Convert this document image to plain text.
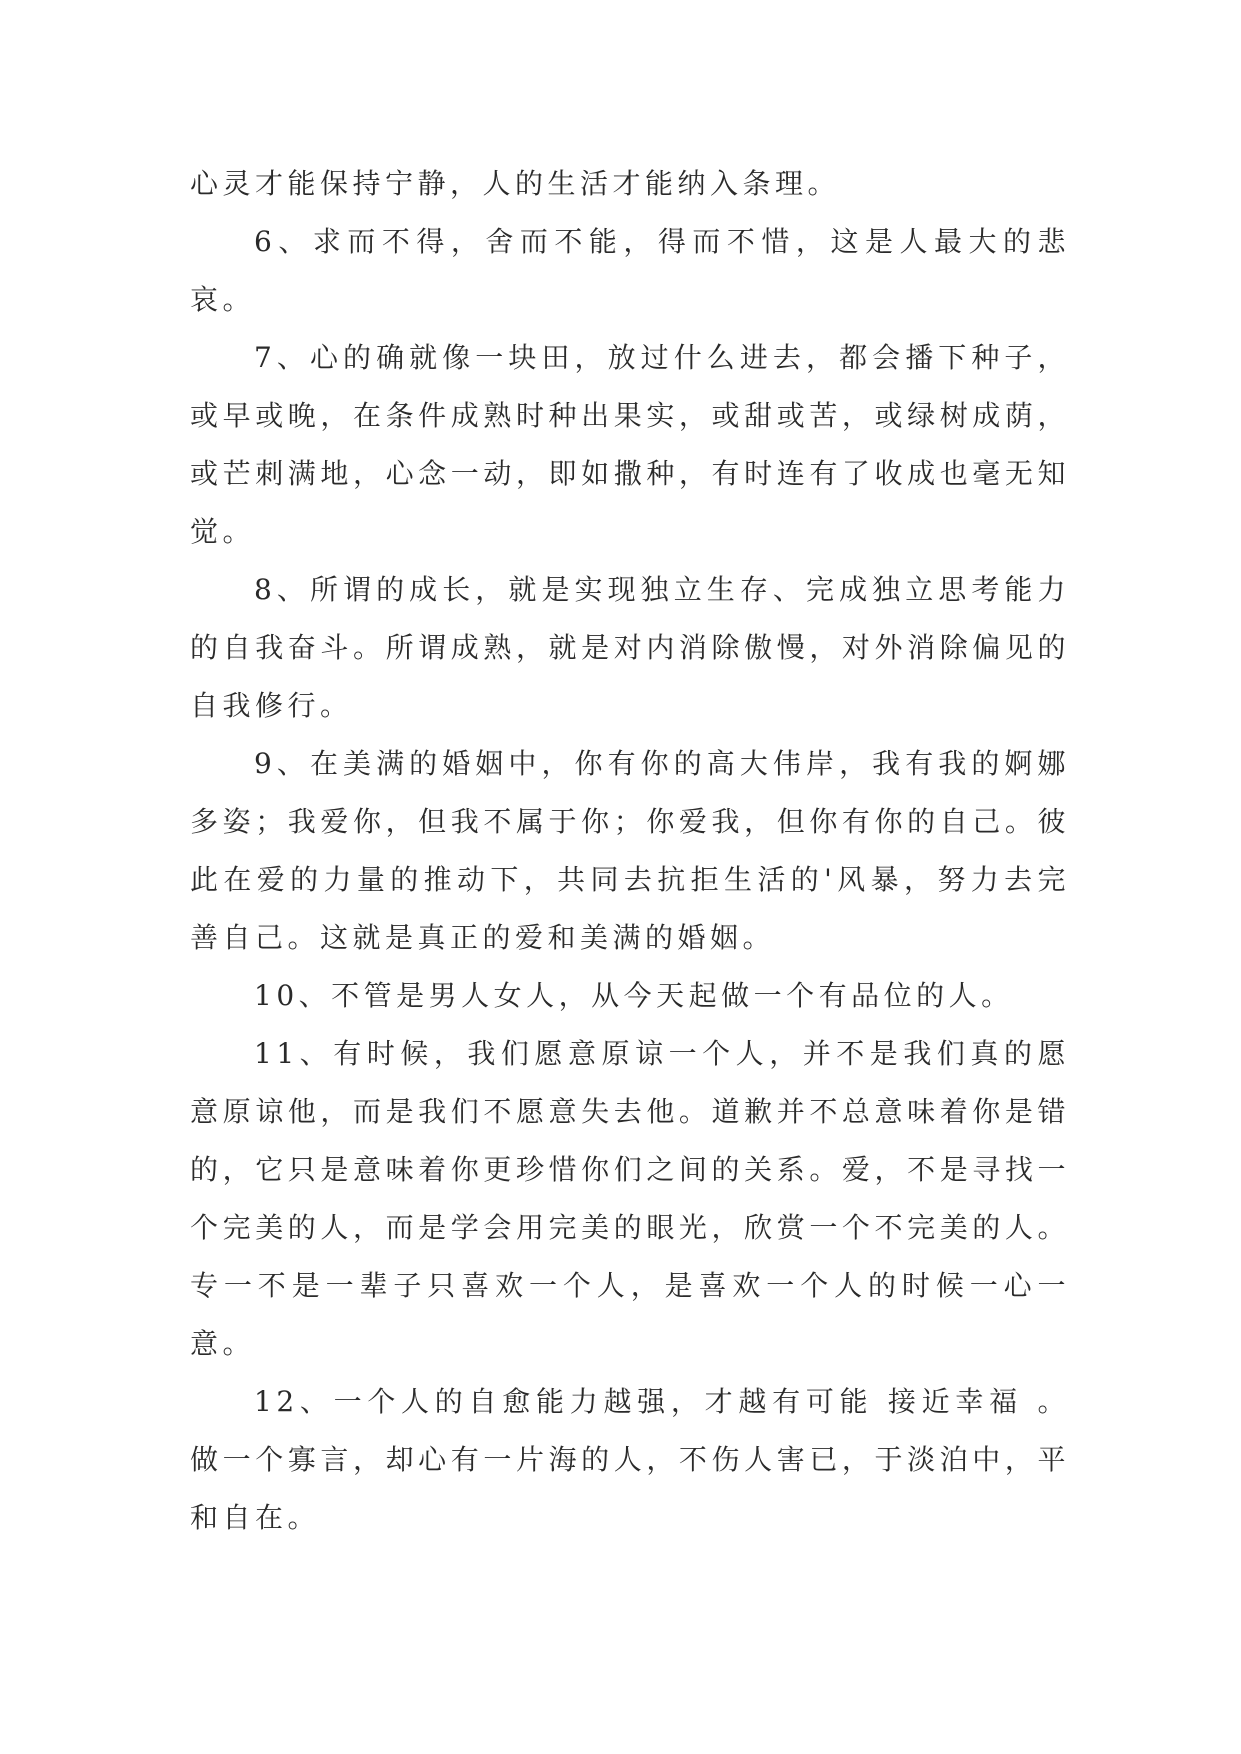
心灵才能保持宁静，人的生活才能纳入条理。

6、求而不得，舍而不能，得而不惜，这是人最大的悲哀。

7、心的确就像一块田，放过什么进去，都会播下种子，或早或晚，在条件成熟时种出果实，或甜或苦，或绿树成荫，或芒刺满地，心念一动，即如撒种，有时连有了收成也毫无知觉。

8、所谓的成长，就是实现独立生存、完成独立思考能力的自我奋斗。所谓成熟，就是对内消除傲慢，对外消除偏见的自我修行。

9、在美满的婚姻中，你有你的高大伟岸，我有我的婀娜多姿；我爱你，但我不属于你；你爱我，但你有你的自己。彼此在爱的力量的推动下，共同去抗拒生活的'风暴，努力去完善自己。这就是真正的爱和美满的婚姻。

10、不管是男人女人，从今天起做一个有品位的人。

11、有时候，我们愿意原谅一个人，并不是我们真的愿意原谅他，而是我们不愿意失去他。道歉并不总意味着你是错的，它只是意味着你更珍惜你们之间的关系。爱，不是寻找一个完美的人，而是学会用完美的眼光，欣赏一个不完美的人。专一不是一辈子只喜欢一个人，是喜欢一个人的时候一心一意。

12、一个人的自愈能力越强，才越有可能 接近幸福 。做一个寡言，却心有一片海的人，不伤人害已，于淡泊中，平和自在。
